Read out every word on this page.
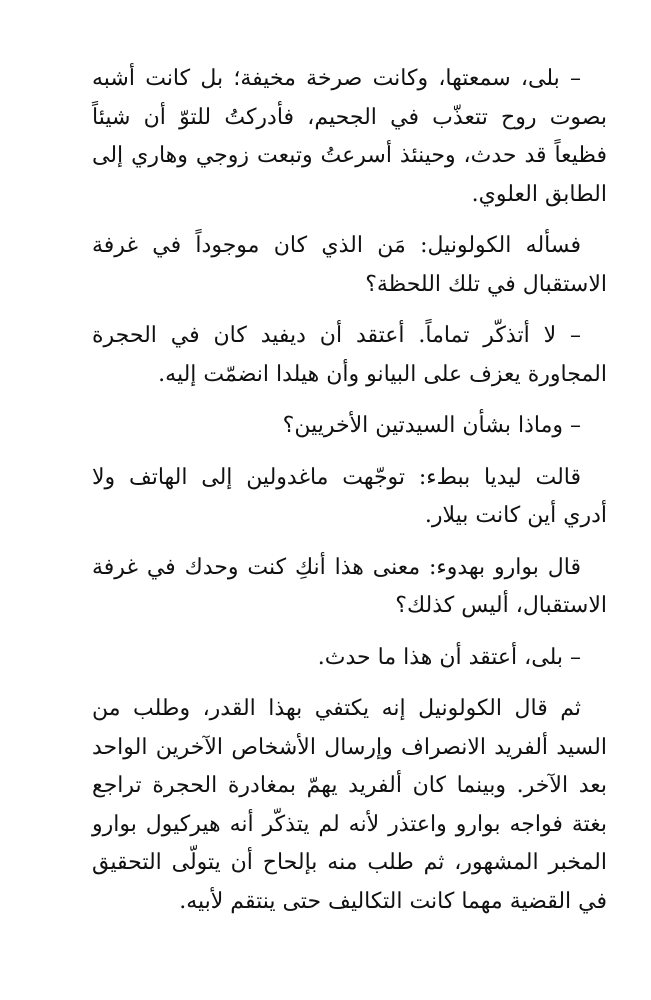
– بلى، سمعتها، وكانت صرخة مخيفة؛ بل كانت أشبه بصوت روح تتعذّب في الجحيم، فأدركتُ للتوّ أن شيئاً فظيعاً قد حدث، وحينئذ أسرعتُ وتبعت زوجي وهاري إلى الطابق العلوي.

فسأله الكولونيل: مَن الذي كان موجوداً في غرفة الاستقبال في تلك اللحظة؟

– لا أتذكّر تماماً. أعتقد أن ديفيد كان في الحجرة المجاورة يعزف على البيانو وأن هيلدا انضمّت إليه.

– وماذا بشأن السيدتين الأخريين؟

قالت ليديا ببطء: توجّهت ماغدولين إلى الهاتف ولا أدري أين كانت بيلار.

قال بوارو بهدوء: معنى هذا أنكِ كنت وحدك في غرفة الاستقبال، أليس كذلك؟

– بلى، أعتقد أن هذا ما حدث.

ثم قال الكولونيل إنه يكتفي بهذا القدر، وطلب من السيد ألفريد الانصراف وإرسال الأشخاص الآخرين الواحد بعد الآخر. وبينما كان ألفريد يهمّ بمغادرة الحجرة تراجع بغتة فواجه بوارو واعتذر لأنه لم يتذكّر أنه هيركيول بوارو المخبر المشهور، ثم طلب منه بإلحاح أن يتولّى التحقيق في القضية مهما كانت التكاليف حتى ينتقم لأبيه.
